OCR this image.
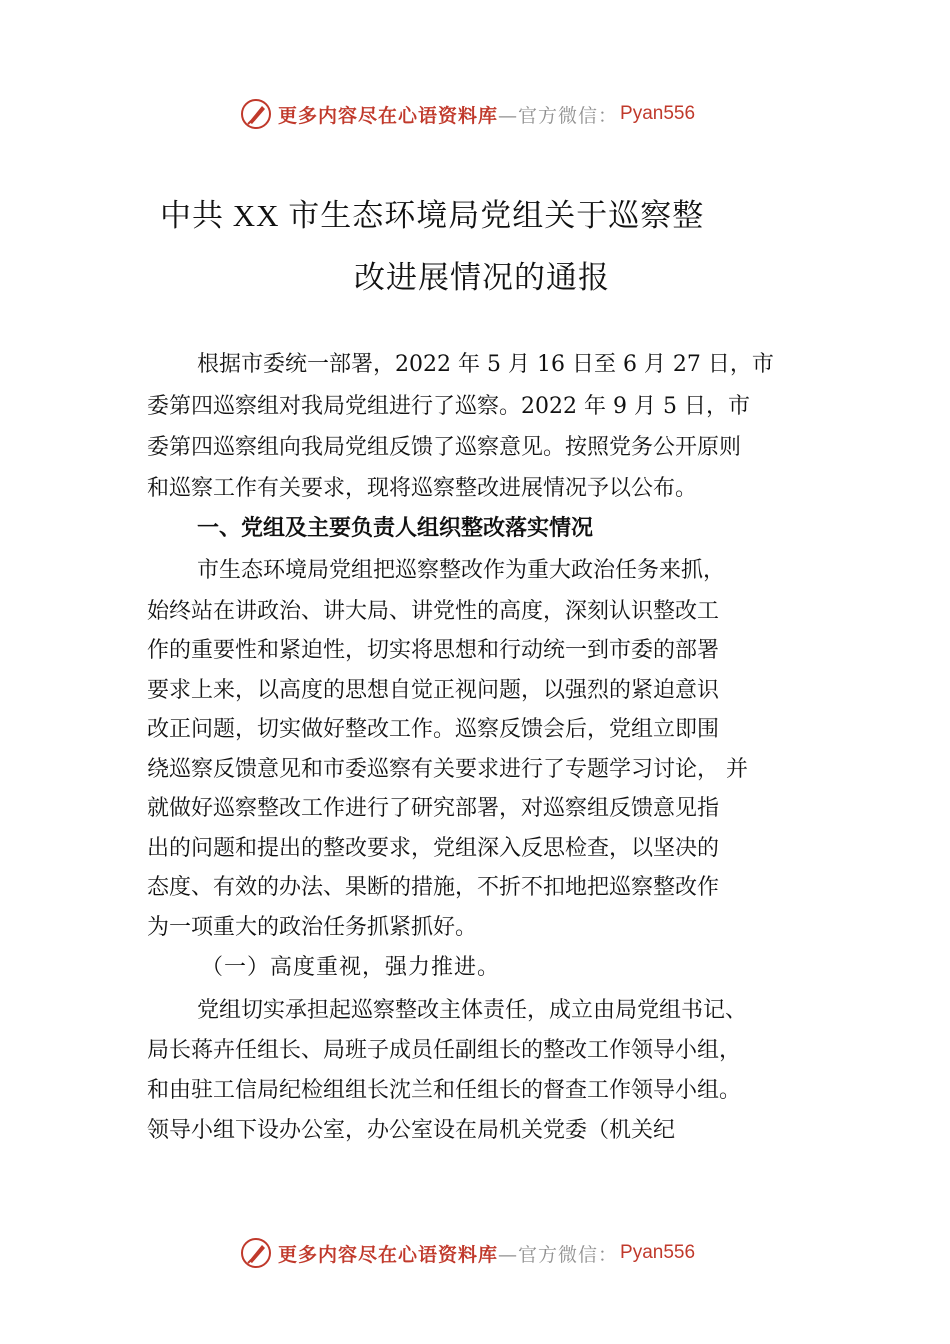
更多内容尽在心语资料库 —官方微信： Pyan556
中共 XX 市生态环境局党组关于巡察整
改进展情况的通报
根据市委统一部署，2022 年 5 月 16 日至 6 月 27 日，市
委第四巡察组对我局党组进行了巡察。2022 年 9 月 5 日，市
委第四巡察组向我局党组反馈了巡察意见。按照党务公开原则
和巡察工作有关要求，现将巡察整改进展情况予以公布。
一、党组及主要负责人组织整改落实情况
市生态环境局党组把巡察整改作为重大政治任务来抓，
始终站在讲政治、讲大局、讲党性的高度，深刻认识整改工
作的重要性和紧迫性，切实将思想和行动统一到市委的部署
要求上来，以高度的思想自觉正视问题，以强烈的紧迫意识
改正问题，切实做好整改工作。巡察反馈会后，党组立即围
绕巡察反馈意见和市委巡察有关要求进行了专题学习讨论， 并
就做好巡察整改工作进行了研究部署，对巡察组反馈意见指
出的问题和提出的整改要求，党组深入反思检查，以坚决的
态度、有效的办法、果断的措施，不折不扣地把巡察整改作
为一项重大的政治任务抓紧抓好。
（一）高度重视，强力推进。
党组切实承担起巡察整改主体责任，成立由局党组书记、
局长蒋卉任组长、局班子成员任副组长的整改工作领导小组，
和由驻工信局纪检组组长沈兰和任组长的督查工作领导小组。
领导小组下设办公室，办公室设在局机关党委（机关纪
更多内容尽在心语资料库 —官方微信： Pyan556
